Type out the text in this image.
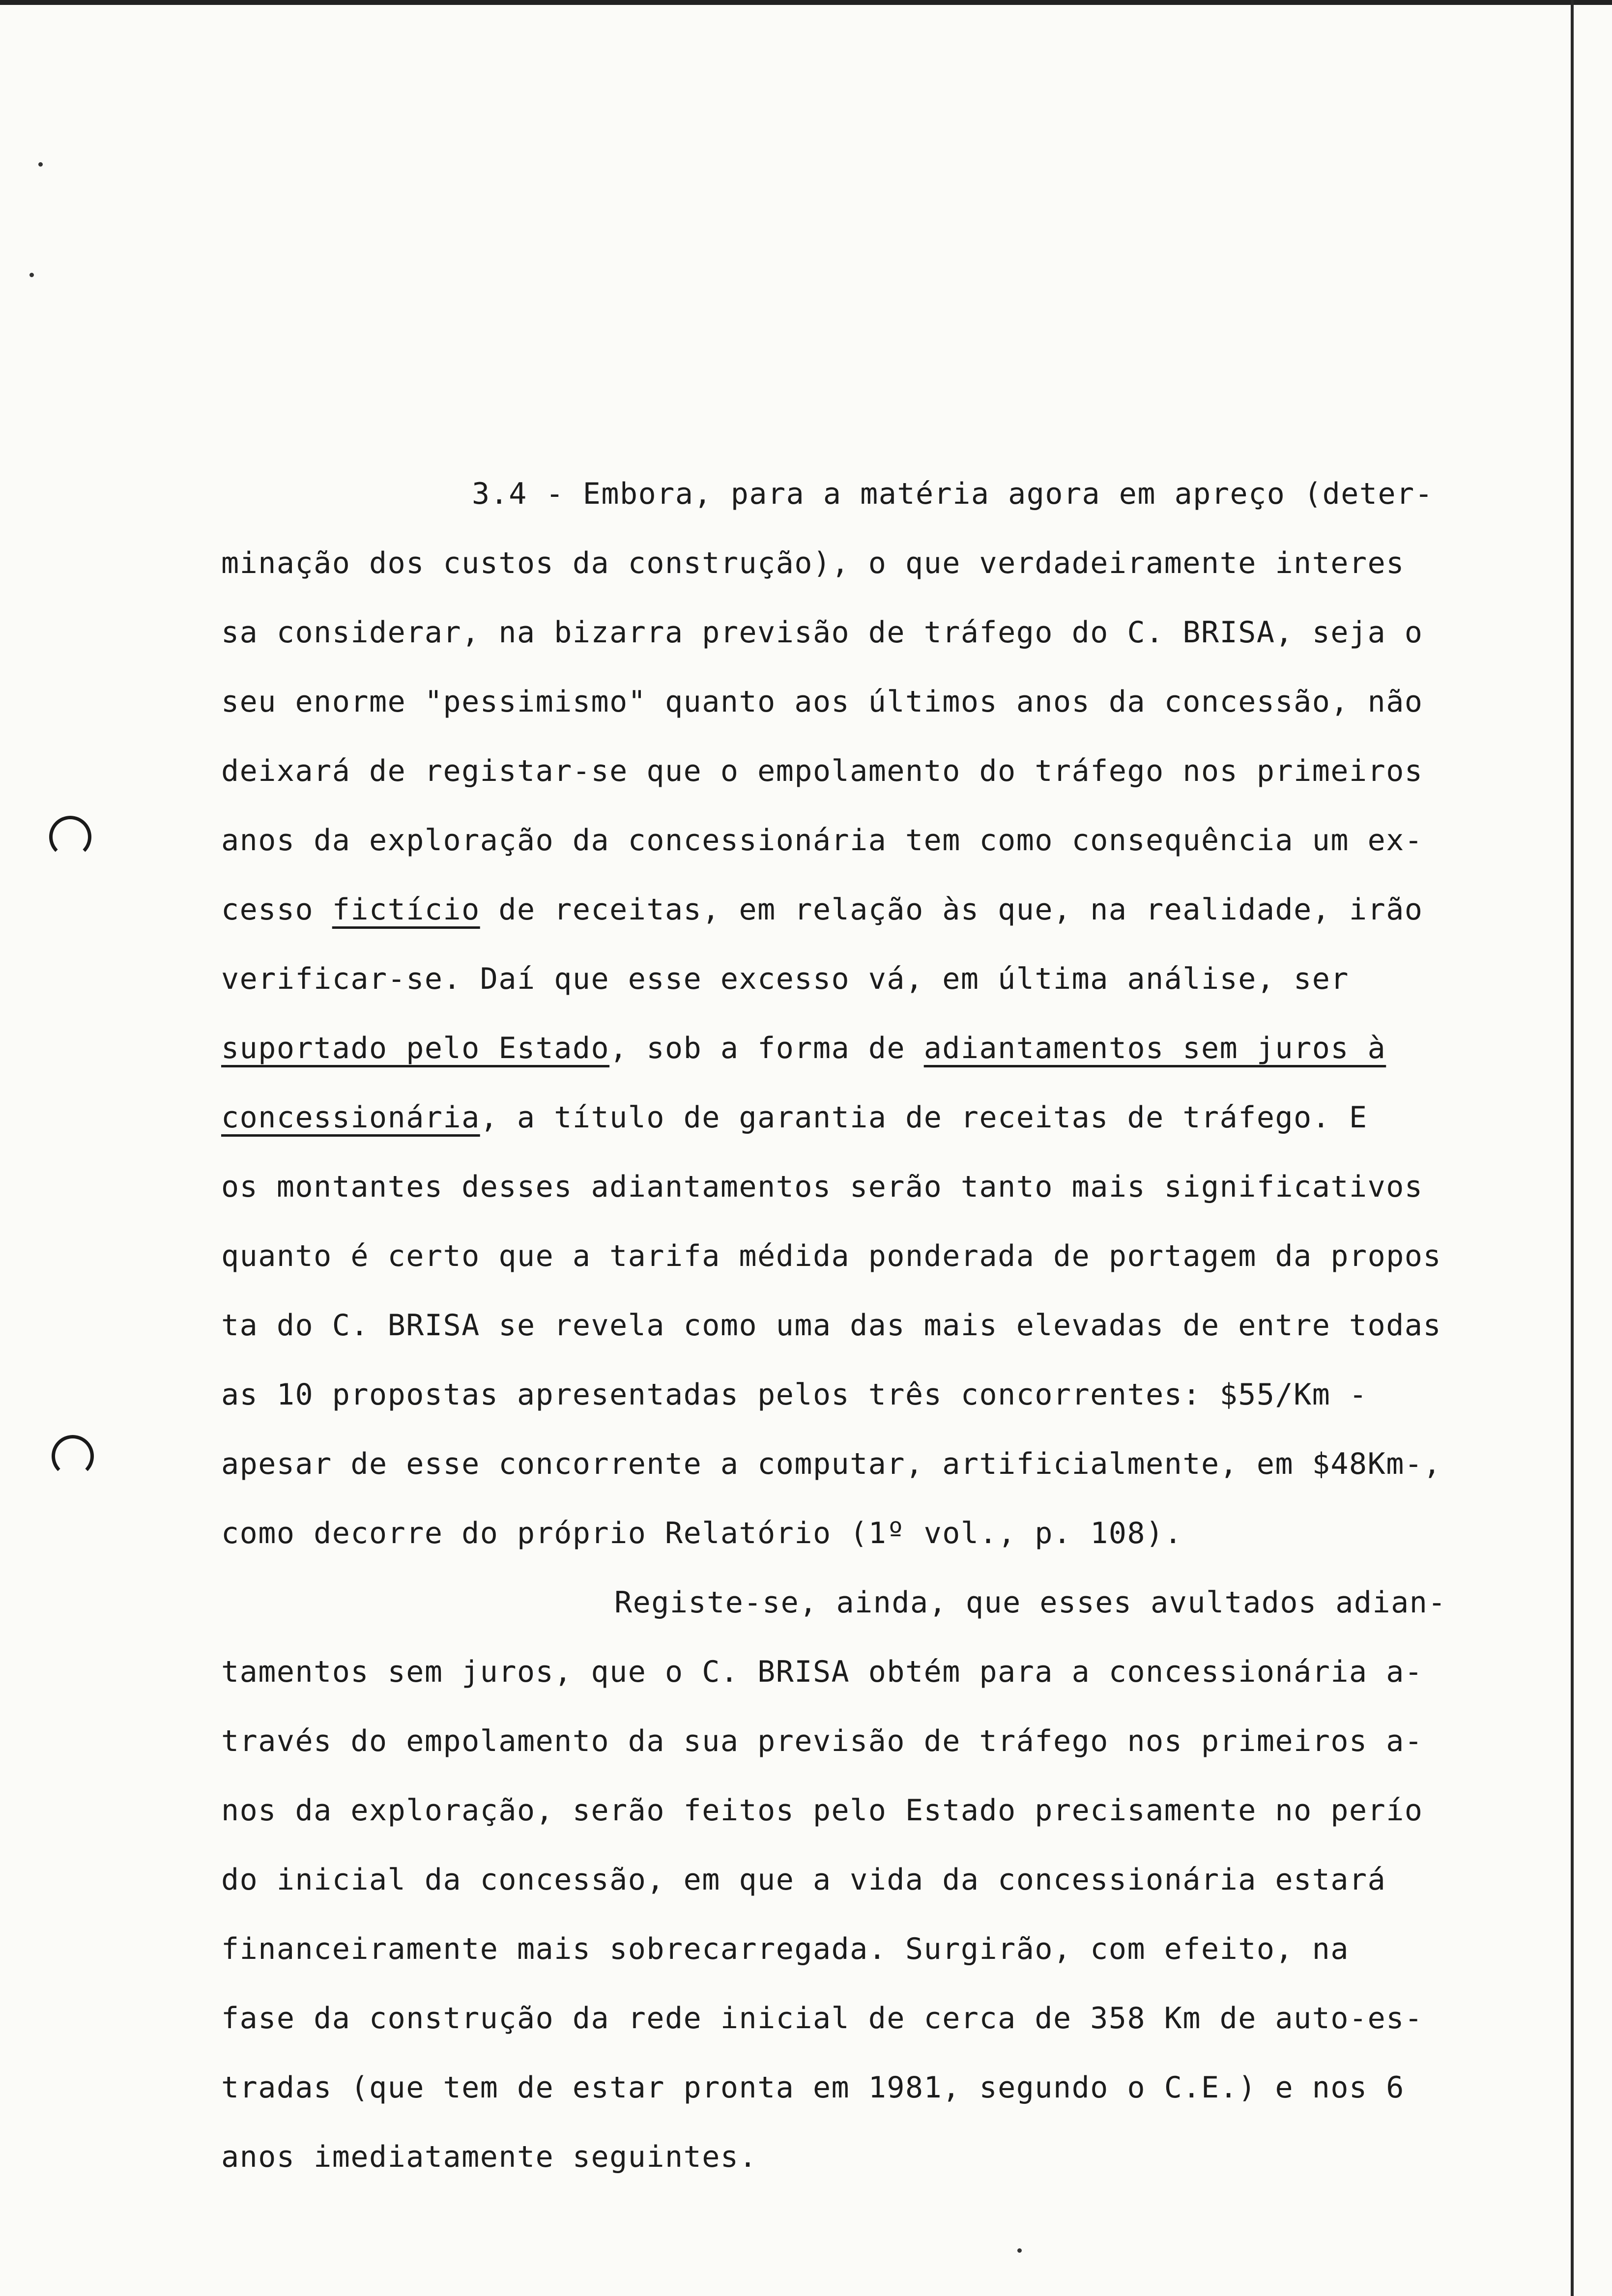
3.4 - Embora, para a matéria agora em apreço (deter-

minação dos custos da construção), o que verdadeiramente interes

sa considerar, na bizarra previsão de tráfego do C. BRISA, seja o

seu enorme "pessimismo" quanto aos últimos anos da concessão, não

deixará de registar-se que o empolamento do tráfego nos primeiros

anos da exploração da concessionária tem como consequência um ex-

cesso fictício de receitas, em relação às que, na realidade, irão

verificar-se. Daí que esse excesso vá, em última análise, ser

suportado pelo Estado, sob a forma de adiantamentos sem juros à

concessionária, a título de garantia de receitas de tráfego. E

os montantes desses adiantamentos serão tanto mais significativos

quanto é certo que a tarifa médida ponderada de portagem da propos

ta do C. BRISA se revela como uma das mais elevadas de entre todas

as 10 propostas apresentadas pelos três concorrentes: $55/Km -

apesar de esse concorrente a computar, artificialmente, em $48Km-,

como decorre do próprio Relatório (1º vol., p. 108).

Registe-se, ainda, que esses avultados adian-

tamentos sem juros, que o C. BRISA obtém para a concessionária a-

través do empolamento da sua previsão de tráfego nos primeiros a-

nos da exploração, serão feitos pelo Estado precisamente no perío

do inicial da concessão, em que a vida da concessionária estará

financeiramente mais sobrecarregada. Surgirão, com efeito, na

fase da construção da rede inicial de cerca de 358 Km de auto-es-

tradas (que tem de estar pronta em 1981, segundo o C.E.) e nos 6

anos imediatamente seguintes.
